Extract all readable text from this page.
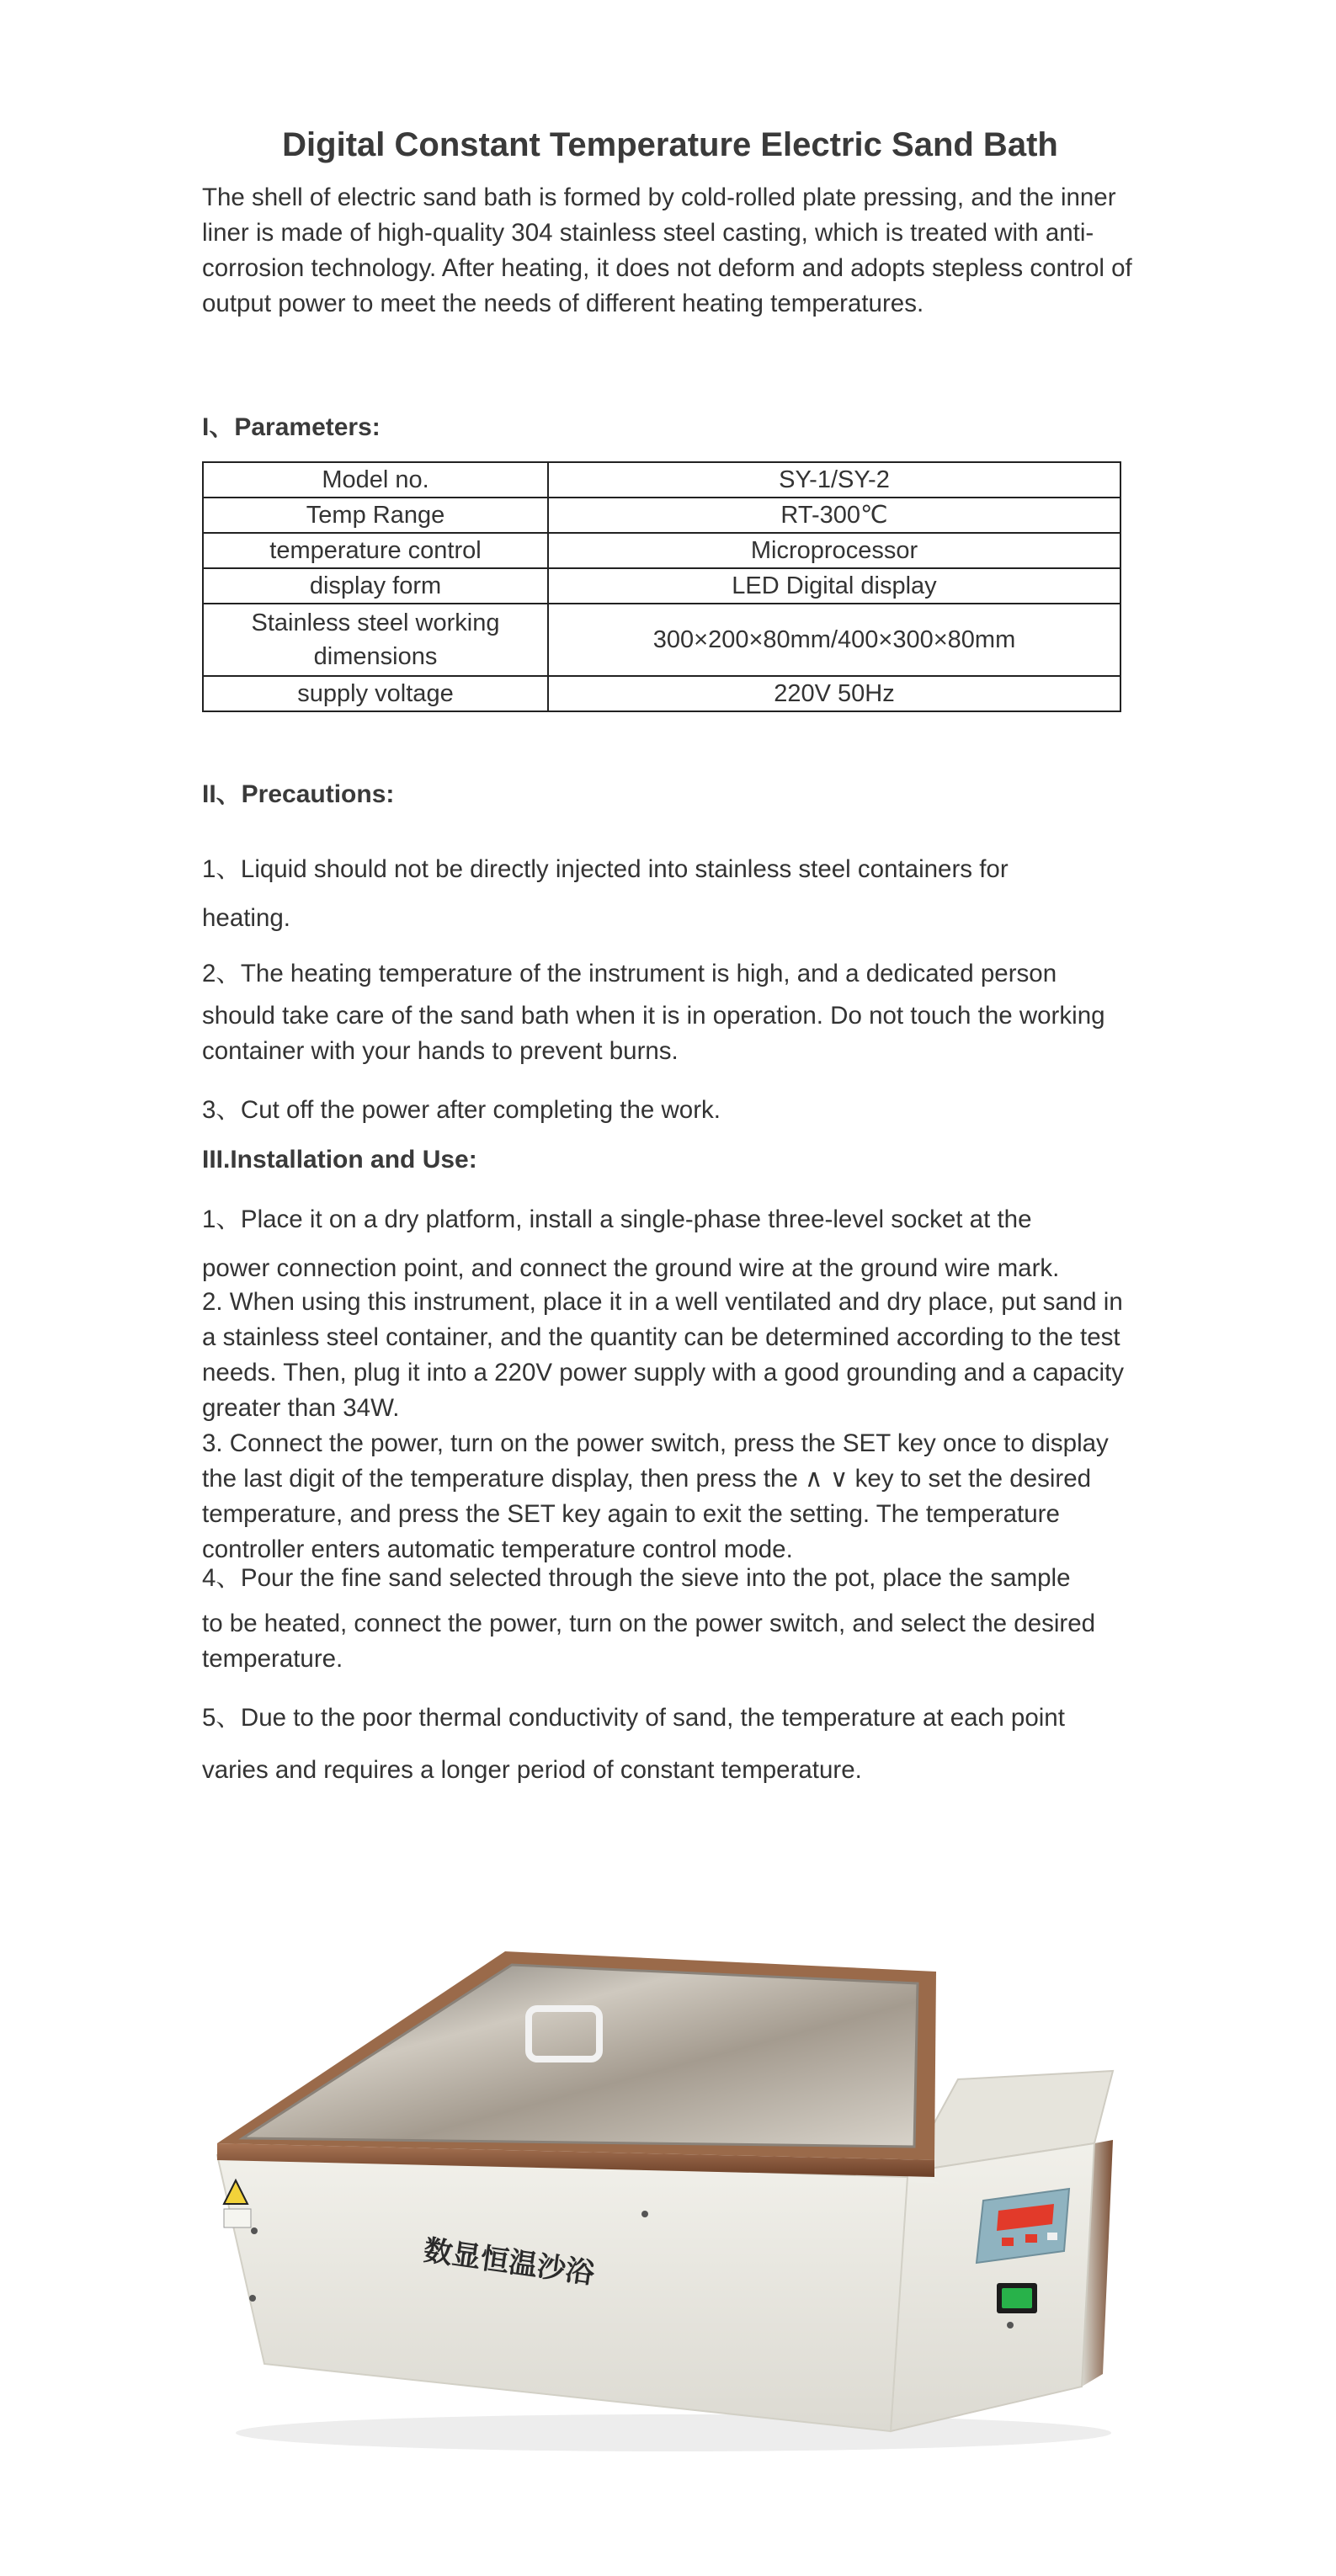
Digital Constant Temperature Electric Sand Bath

The shell of electric sand bath is formed by cold-rolled plate pressing, and the inner liner is made of high-quality 304 stainless steel casting, which is treated with anti-corrosion technology. After heating, it does not deform and adopts stepless control of output power to meet the needs of different heating temperatures.

I、Parameters:
Model no.	SY-1/SY-2
Temp Range	RT-300℃
temperature control	Microprocessor
display form	LED Digital display
Stainless steel working dimensions	300×200×80mm/400×300×80mm
supply voltage	220V 50Hz
II、Precautions:

1、Liquid should not be directly injected into stainless steel containers for
heating.

2、The heating temperature of the instrument is high, and a dedicated person
should take care of the sand bath when it is in operation. Do not touch the working container with your hands to prevent burns.

3、Cut off the power after completing the work.

III.Installation and Use:

1、Place it on a dry platform, install a single-phase three-level socket at the
power connection point, and connect the ground wire at the ground wire mark.

2. When using this instrument, place it in a well ventilated and dry place, put sand in a stainless steel container, and the quantity can be determined according to the test needs. Then, plug it into a 220V power supply with a good grounding and a capacity greater than 34W.

3. Connect the power, turn on the power switch, press the SET key once to display the last digit of the temperature display, then press the ∧ ∨ key to set the desired temperature, and press the SET key again to exit the setting. The temperature controller enters automatic temperature control mode.

4、Pour the fine sand selected through the sieve into the pot, place the sample
to be heated, connect the power, turn on the power switch, and select the desired temperature.

5、Due to the poor thermal conductivity of sand, the temperature at each point
varies and requires a longer period of constant temperature.

数显恒温沙浴
